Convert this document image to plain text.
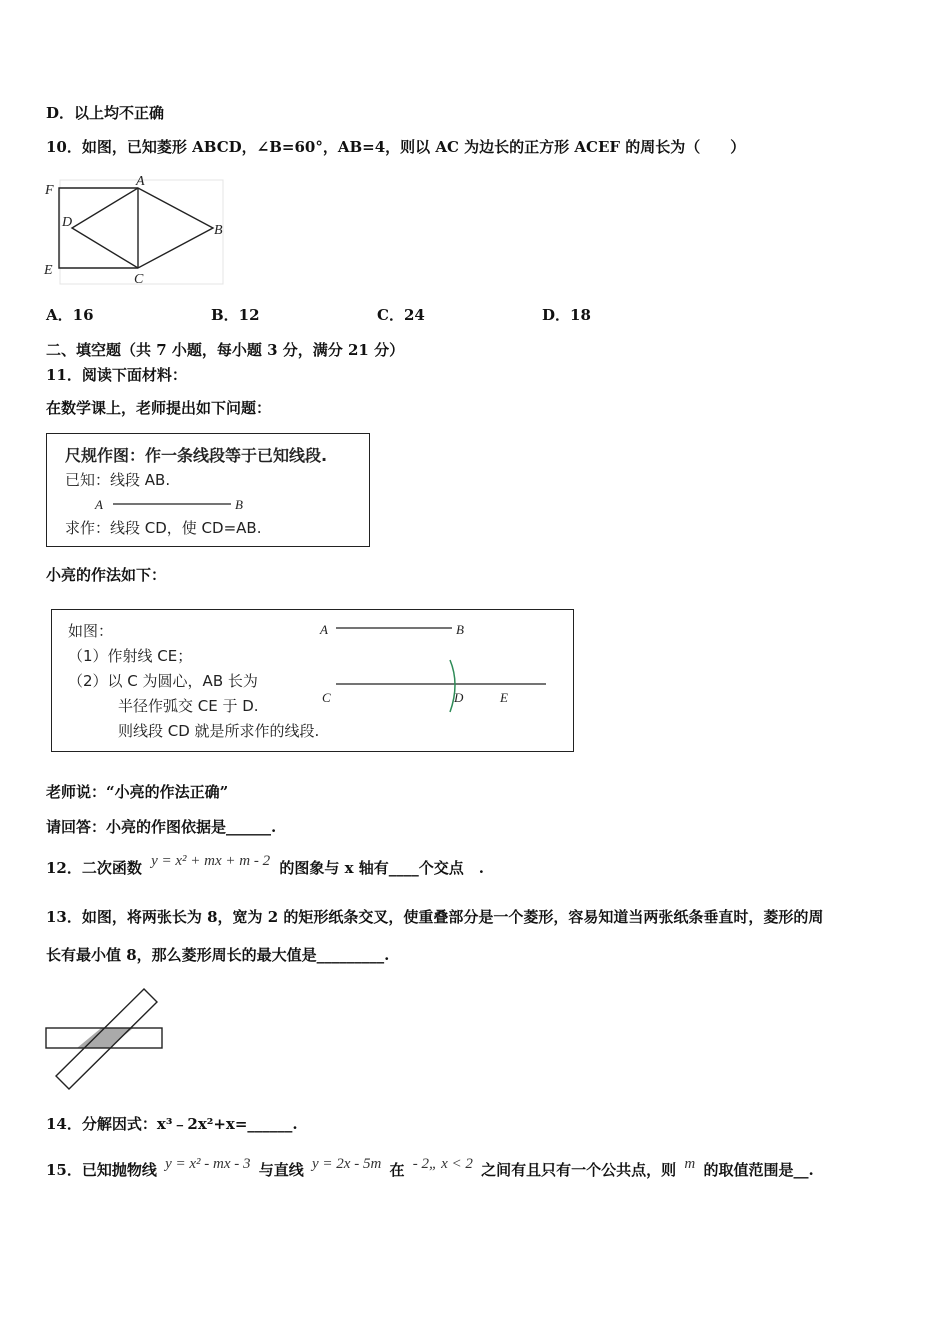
D．以上均不正确
10．如图，已知菱形 ABCD，∠B=60°，AB=4，则以 AC 为边长的正方形 ACEF 的周长为（　　）
F
A
D
B
E
C
A．16	B．12	C．24	D．18
二、填空题（共 7 小题，每小题 3 分，满分 21 分）
11．阅读下面材料：
在数学课上，老师提出如下问题：
尺规作图：作一条线段等于已知线段.
已知：线段 AB.
A	B
求作：线段 CD，使 CD=AB.
小亮的作法如下：
如图：
（1）作射线 CE；
（2）以 C 为圆心，AB 长为
半径作弧交 CE 于 D.
则线段 CD 就是所求作的线段.
A	B
C	D	E
老师说：“小亮的作法正确”
请回答：小亮的作图依据是______.
12．二次函数 y = x² + mx + m - 2 的图象与 x 轴有____个交点　.
13．如图，将两张长为 8，宽为 2 的矩形纸条交叉，使重叠部分是一个菱形，容易知道当两张纸条垂直时，菱形的周
长有最小值 8，那么菱形周长的最大值是_________.
14．分解因式：x³﹣2x²+x=______.
15．已知抛物线 y = x² - mx - 3 与直线 y = 2x - 5m 在 - 2„ x < 2 之间有且只有一个公共点，则 m 的取值范围是__.
